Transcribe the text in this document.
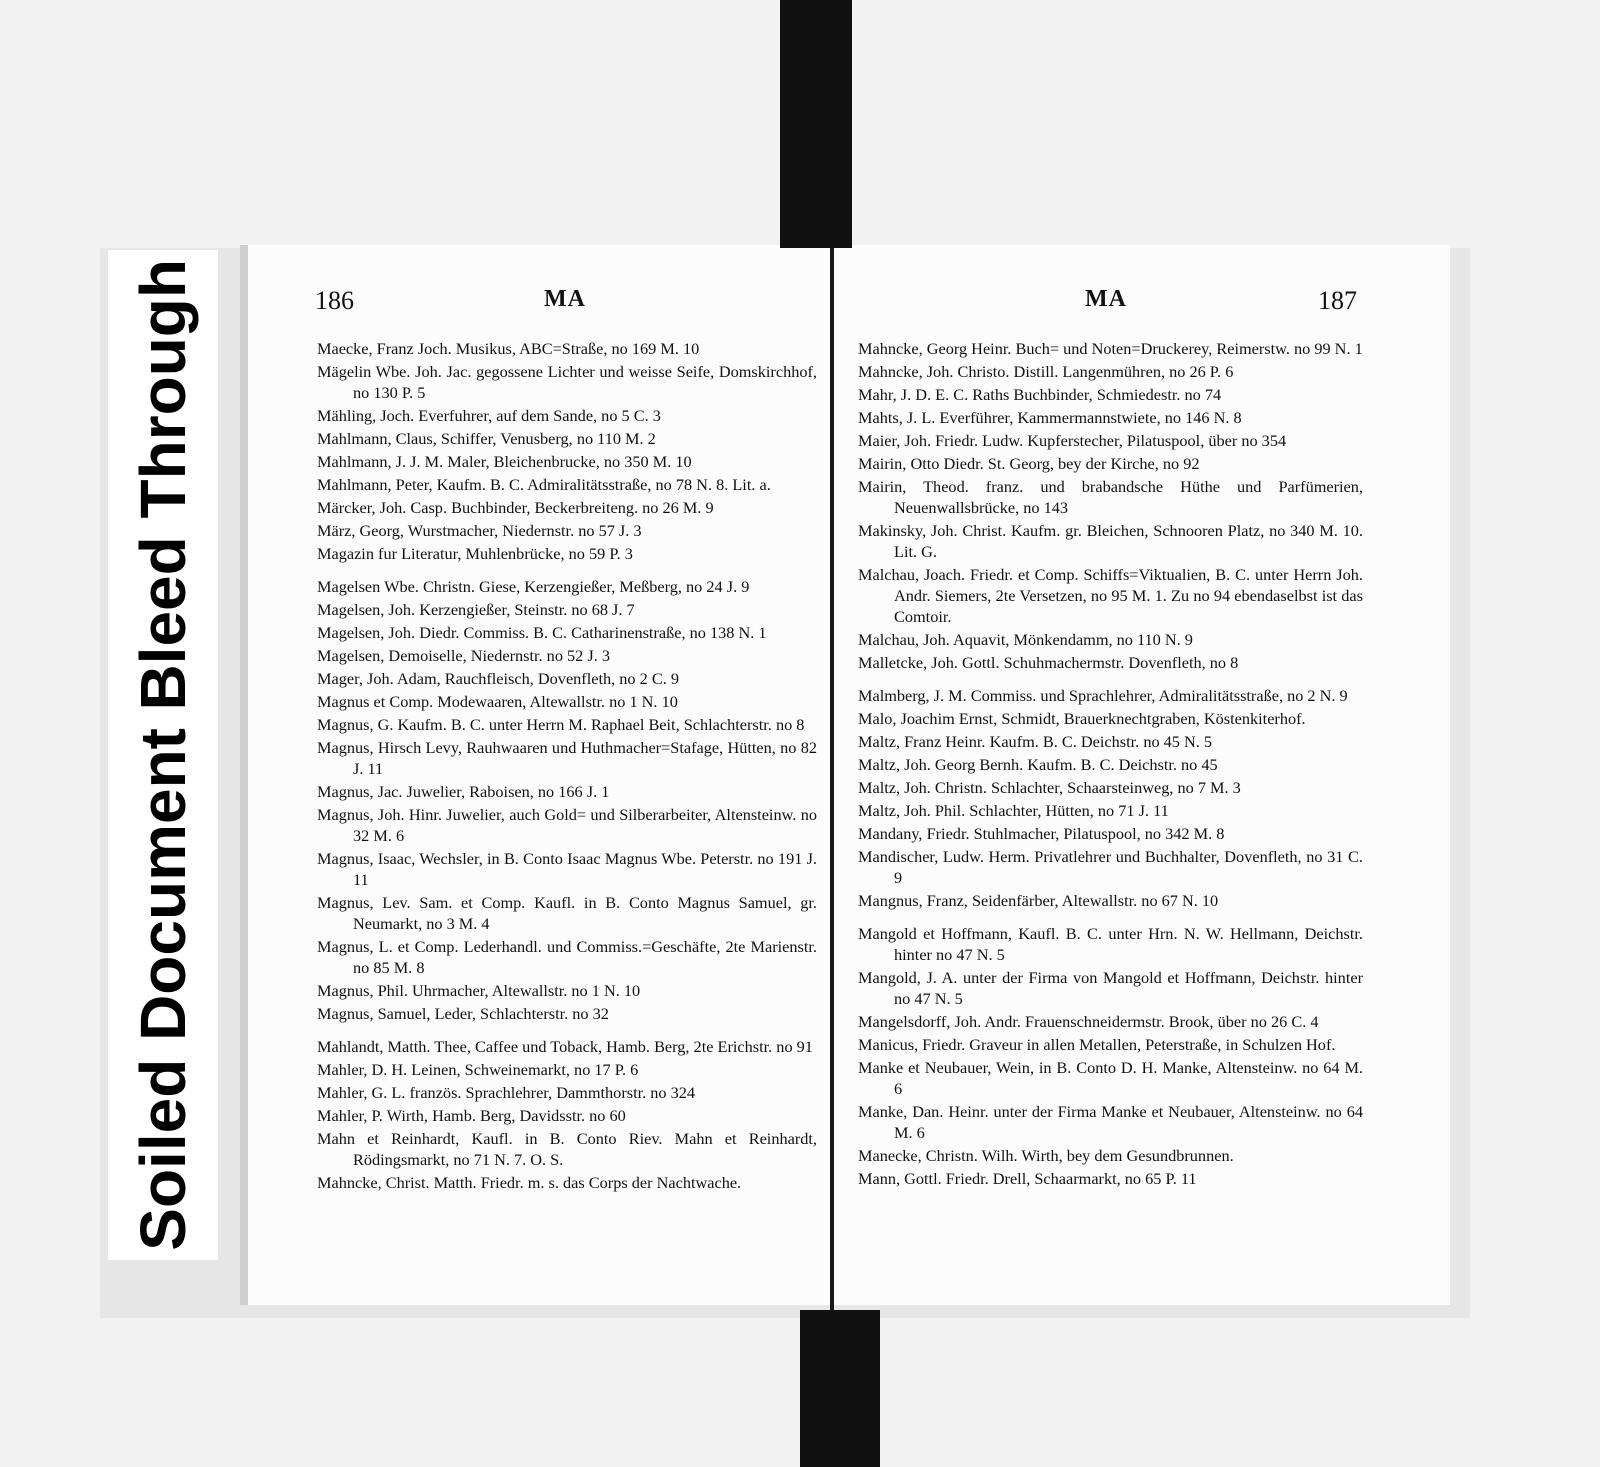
Bleed Through
Soiled Document
186	MA	MA	187
Maecke, Franz Joch. Musikus, ABC=Straße, no 169 M. 10
Mägelin Wbe. Joh. Jac. gegossene Lichter und weisse Seife, Domskirchhof, no 130 P. 5
Mähling, Joch. Everfuhrer, auf dem Sande, no 5 C. 3
Mahlmann, Claus, Schiffer, Venusberg, no 110 M. 2
Mahlmann, J. J. M. Maler, Bleichenbrucke, no 350 M. 10
Mahlmann, Peter, Kaufm. B. C. Admiralitätsstraße, no 78 N. 8. Lit. a.
Märcker, Joh. Casp. Buchbinder, Beckerbreiteng. no 26 M. 9
März, Georg, Wurstmacher, Niedernstr. no 57 J. 3
Magazin fur Literatur, Muhlenbrücke, no 59 P. 3
Magelsen Wbe. Christn. Giese, Kerzengießer, Meßberg, no 24 J. 9
Magelsen, Joh. Kerzengießer, Steinstr. no 68 J. 7
Magelsen, Joh. Diedr. Commiss. B. C. Catharinenstraße, no 138 N. 1
Magelsen, Demoiselle, Niedernstr. no 52 J. 3
Mager, Joh. Adam, Rauchfleisch, Dovenfleth, no 2 C. 9
Magnus et Comp. Modewaaren, Altewallstr. no 1 N. 10
Magnus, G. Kaufm. B. C. unter Herrn M. Raphael Beit, Schlachterstr. no 8
Magnus, Hirsch Levy, Rauhwaaren und Huthmacher=Stafage, Hütten, no 82 J. 11
Magnus, Jac. Juwelier, Raboisen, no 166 J. 1
Magnus, Joh. Hinr. Juwelier, auch Gold= und Silberarbeiter, Altensteinw. no 32 M. 6
Magnus, Isaac, Wechsler, in B. Conto Isaac Magnus Wbe. Peterstr. no 191 J. 11
Magnus, Lev. Sam. et Comp. Kaufl. in B. Conto Magnus Samuel, gr. Neumarkt, no 3 M. 4
Magnus, L. et Comp. Lederhandl. und Commiss.=Geschäfte, 2te Marienstr. no 85 M. 8
Magnus, Phil. Uhrmacher, Altewallstr. no 1 N. 10
Magnus, Samuel, Leder, Schlachterstr. no 32
Mahlandt, Matth. Thee, Caffee und Toback, Hamb. Berg, 2te Erichstr. no 91
Mahler, D. H. Leinen, Schweinemarkt, no 17 P. 6
Mahler, G. L. französ. Sprachlehrer, Dammthorstr. no 324
Mahler, P. Wirth, Hamb. Berg, Davidsstr. no 60
Mahn et Reinhardt, Kaufl. in B. Conto Riev. Mahn et Reinhardt, Rödingsmarkt, no 71 N. 7. O. S.
Mahncke, Christ. Matth. Friedr. m. s. das Corps der Nachtwache.
Mahncke, Georg Heinr. Buch= und Noten=Druckerey, Reimerstw. no 99 N. 1
Mahncke, Joh. Christo. Distill. Langenmühren, no 26 P. 6
Mahr, J. D. E. C. Raths Buchbinder, Schmiedestr. no 74
Mahts, J. L. Everführer, Kammermannstwiete, no 146 N. 8
Maier, Joh. Friedr. Ludw. Kupferstecher, Pilatuspool, über no 354
Mairin, Otto Diedr. St. Georg, bey der Kirche, no 92
Mairin, Theod. franz. und brabandsche Hüthe und Parfümerien, Neuenwallsbrücke, no 143
Makinsky, Joh. Christ. Kaufm. gr. Bleichen, Schnooren Platz, no 340 M. 10. Lit. G.
Malchau, Joach. Friedr. et Comp. Schiffs=Viktualien, B. C. unter Herrn Joh. Andr. Siemers, 2te Versetzen, no 95 M. 1. Zu no 94 ebendaselbst ist das Comtoir.
Malchau, Joh. Aquavit, Mönkendamm, no 110 N. 9
Malletcke, Joh. Gottl. Schuhmachermstr. Dovenfleth, no 8
Malmberg, J. M. Commiss. und Sprachlehrer, Admiralitätsstraße, no 2 N. 9
Malo, Joachim Ernst, Schmidt, Brauerknechtgraben, Köstenkiterhof.
Maltz, Franz Heinr. Kaufm. B. C. Deichstr. no 45 N. 5
Maltz, Joh. Georg Bernh. Kaufm. B. C. Deichstr. no 45
Maltz, Joh. Christn. Schlachter, Schaarsteinweg, no 7 M. 3
Maltz, Joh. Phil. Schlachter, Hütten, no 71 J. 11
Mandany, Friedr. Stuhlmacher, Pilatuspool, no 342 M. 8
Mandischer, Ludw. Herm. Privatlehrer und Buchhalter, Dovenfleth, no 31 C. 9
Mangnus, Franz, Seidenfärber, Altewallstr. no 67 N. 10
Mangold et Hoffmann, Kaufl. B. C. unter Hrn. N. W. Hellmann, Deichstr. hinter no 47 N. 5
Mangold, J. A. unter der Firma von Mangold et Hoffmann, Deichstr. hinter no 47 N. 5
Mangelsdorff, Joh. Andr. Frauenschneidermstr. Brook, über no 26 C. 4
Manicus, Friedr. Graveur in allen Metallen, Peterstraße, in Schulzen Hof.
Manke et Neubauer, Wein, in B. Conto D. H. Manke, Altensteinw. no 64 M. 6
Manke, Dan. Heinr. unter der Firma Manke et Neubauer, Altensteinw. no 64 M. 6
Manecke, Christn. Wilh. Wirth, bey dem Gesundbrunnen.
Mann, Gottl. Friedr. Drell, Schaarmarkt, no 65 P. 11
